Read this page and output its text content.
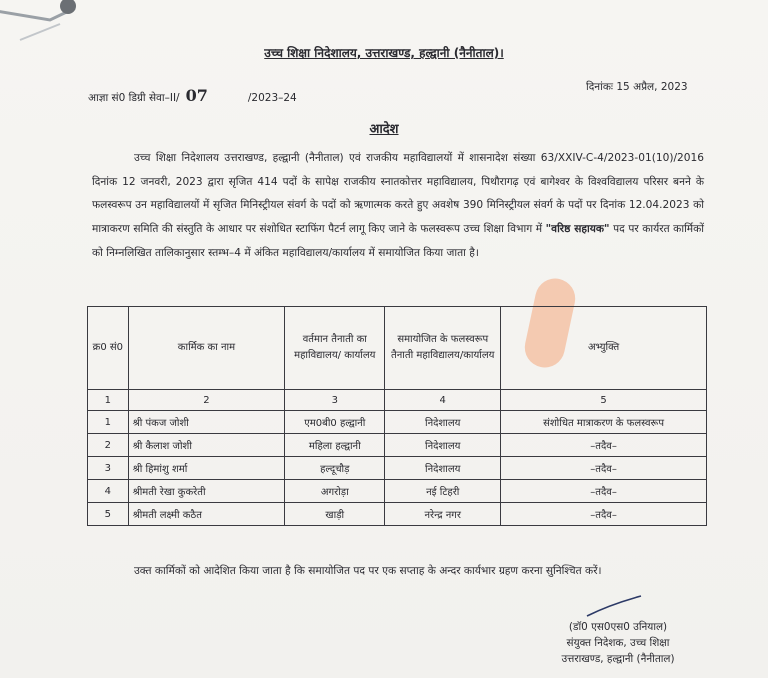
उच्च शिक्षा निदेशालय, उत्तराखण्ड, हल्द्वानी (नैनीताल)।
आज्ञा सं0 डिग्री सेवा–II/ 07	/2023–24
दिनांकः 15 अप्रैल, 2023
आदेश
उच्च शिक्षा निदेशालय उत्तराखण्ड, हल्द्वानी (नैनीताल) एवं राजकीय महाविद्यालयों में शासनादेश संख्या 63/XXIV-C-4/2023-01(10)/2016 दिनांक 12 जनवरी, 2023 द्वारा सृजित 414 पदों के सापेक्ष राजकीय स्नातकोत्तर महाविद्यालय, पिथौरागढ़ एवं बागेश्वर के विश्वविद्यालय परिसर बनने के फलस्वरूप उन महाविद्यालयों में सृजित मिनिस्ट्रीयल संवर्ग के पदों को ऋणात्मक करते हुए अवशेष 390 मिनिस्ट्रीयल संवर्ग के पदों पर दिनांक 12.04.2023 को मात्राकरण समिति की संस्तुति के आधार पर संशोधित स्टाफिंग पैटर्न लागू किए जाने के फलस्वरूप उच्च शिक्षा विभाग में "वरिष्ठ सहायक" पद पर कार्यरत कार्मिकों को निम्नलिखित तालिकानुसार स्तम्भ–4 में अंकित महाविद्यालय/कार्यालय में समायोजित किया जाता है।
क्र0 सं0	कार्मिक का नाम	वर्तमान तैनाती का महाविद्यालय/ कार्यालय	समायोजित के फलस्वरूप तैनाती महाविद्यालय/कार्यालय	अभ्युक्ति
1	2	3	4	5
1	श्री पंकज जोशी	एम0बी0 हल्द्वानी	निदेशालय	संशोधित मात्राकरण के फलस्वरूप
2	श्री कैलाश जोशी	महिला हल्द्वानी	निदेशालय	–तदैव–
3	श्री हिमांशु शर्मा	हल्दूचौड़	निदेशालय	–तदैव–
4	श्रीमती रेखा कुकरेती	अगरोड़ा	नई टिहरी	–तदैव–
5	श्रीमती लक्ष्मी कठैत	खाड़ी	नरेन्द्र नगर	–तदैव–
उक्त कार्मिकों को आदेशित किया जाता है कि समायोजित पद पर एक सप्ताह के अन्दर कार्यभार ग्रहण करना सुनिश्चित करें।
(डॉ0 एस0एस0 उनियाल)
संयुक्त निदेशक, उच्च शिक्षा
उत्तराखण्ड, हल्द्वानी (नैनीताल)
